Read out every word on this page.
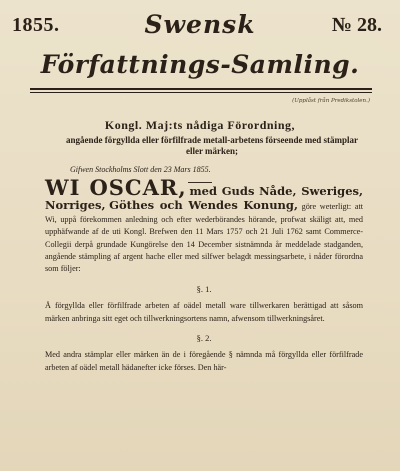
1855.	Swensk	№ 28.
Författnings-Samling.
(Upplåst från Predikstolen.)
Kongl. Maj:ts nådiga Förordning,
angående förgyllda eller förfilfrade metall-arbetens förseende med stämplar eller märken;
Gifwen Stockholms Slott den 23 Mars 1855.

WI OSCAR, med Guds Nåde, Sweriges, Norriges, Göthes och Wendes Konung, göre weterligt: att Wi, uppå förekommen anledning och efter wederbörandes hörande, profwat skäligt att, med upphäfwande af de uti Kongl. Brefwen den 11 Mars 1757 och 21 Juli 1762 samt Commerce-Collegii derpå grundade Kungörelse den 14 December sistnämnda år meddelade stadganden, angående stämpling af argent hache eller med silfwer belagdt messingsarbete, i nåder förordna som följer:

§. 1.

Å förgyllda eller förfilfrade arbeten af oädel metall ware tillwerkaren berättigad att såsom märken anbringa sitt eget och tillwerkningsortens namn, afwensom tillwerkningsåret.

§. 2.

Med andra stämplar eller märken än de i föregående § nämnda må förgyllda eller förfilfrade arbeten af oädel metall hädanefter icke förses. Den här-
